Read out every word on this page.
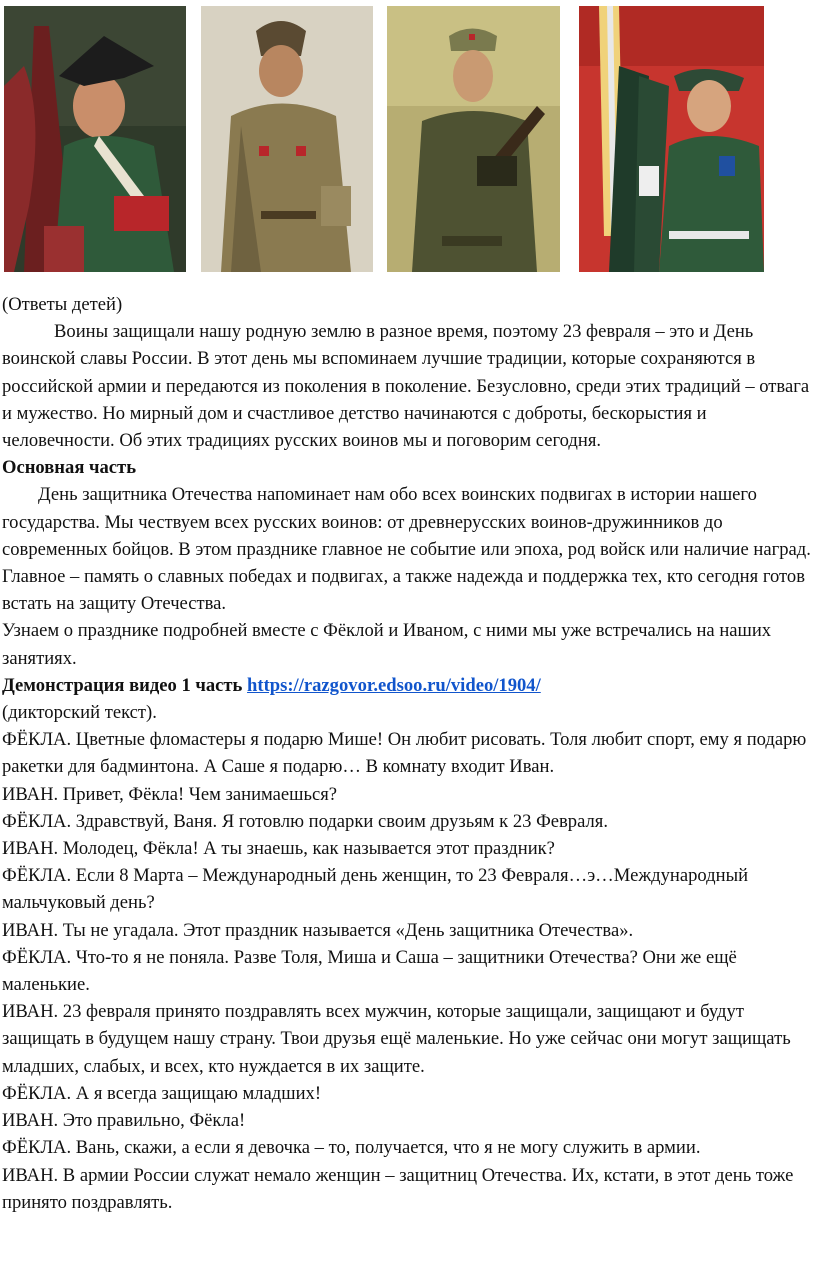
(Ответы детей)

Воины защищали нашу родную землю в разное время, поэтому 23 февраля – это и День воинской славы России. В этот день мы вспоминаем лучшие традиции, которые сохраняются в российской армии и передаются из поколения в поколение. Безусловно, среди этих традиций – отвага и мужество. Но мирный дом и счастливое детство начинаются с доброты, бескорыстия и человечности. Об этих традициях русских воинов мы и поговорим сегодня.

Основная часть

День защитника Отечества напоминает нам обо всех воинских подвигах в истории нашего государства. Мы чествуем всех русских воинов: от древнерусских воинов-дружинников до современных бойцов. В этом празднике главное не событие или эпоха, род войск или наличие наград. Главное – память о славных победах и подвигах, а также надежда и поддержка тех, кто сегодня готов встать на защиту Отечества.

Узнаем о празднике подробней вместе с Фёклой и Иваном, с ними мы уже встречались на наших занятиях.

Демонстрация видео 1 часть https://razgovor.edsoo.ru/video/1904/

(дикторский текст).

ФЁКЛА. Цветные фломастеры я подарю Мише! Он любит рисовать. Толя любит спорт, ему я подарю ракетки для бадминтона. А Саше я подарю… В комнату входит Иван.

ИВАН. Привет, Фёкла! Чем занимаешься?

ФЁКЛА. Здравствуй, Ваня. Я готовлю подарки своим друзьям к 23 Февраля.

ИВАН. Молодец, Фёкла! А ты знаешь, как называется этот праздник?

ФЁКЛА. Если 8 Марта – Международный день женщин, то 23 Февраля…э…Международный мальчуковый день?

ИВАН. Ты не угадала. Этот праздник называется «День защитника Отечества».

ФЁКЛА. Что-то я не поняла. Разве Толя, Миша и Саша – защитники Отечества? Они же ещё маленькие.

ИВАН. 23 февраля принято поздравлять всех мужчин, которые защищали, защищают и будут защищать в будущем нашу страну. Твои друзья ещё маленькие. Но уже сейчас они могут защищать младших, слабых, и всех, кто нуждается в их защите.

ФЁКЛА. А я всегда защищаю младших!

ИВАН. Это правильно, Фёкла!

ФЁКЛА. Вань, скажи, а если я девочка – то, получается, что я не могу служить в армии.

ИВАН. В армии России служат немало женщин – защитниц Отечества. Их, кстати, в этот день тоже принято поздравлять.
